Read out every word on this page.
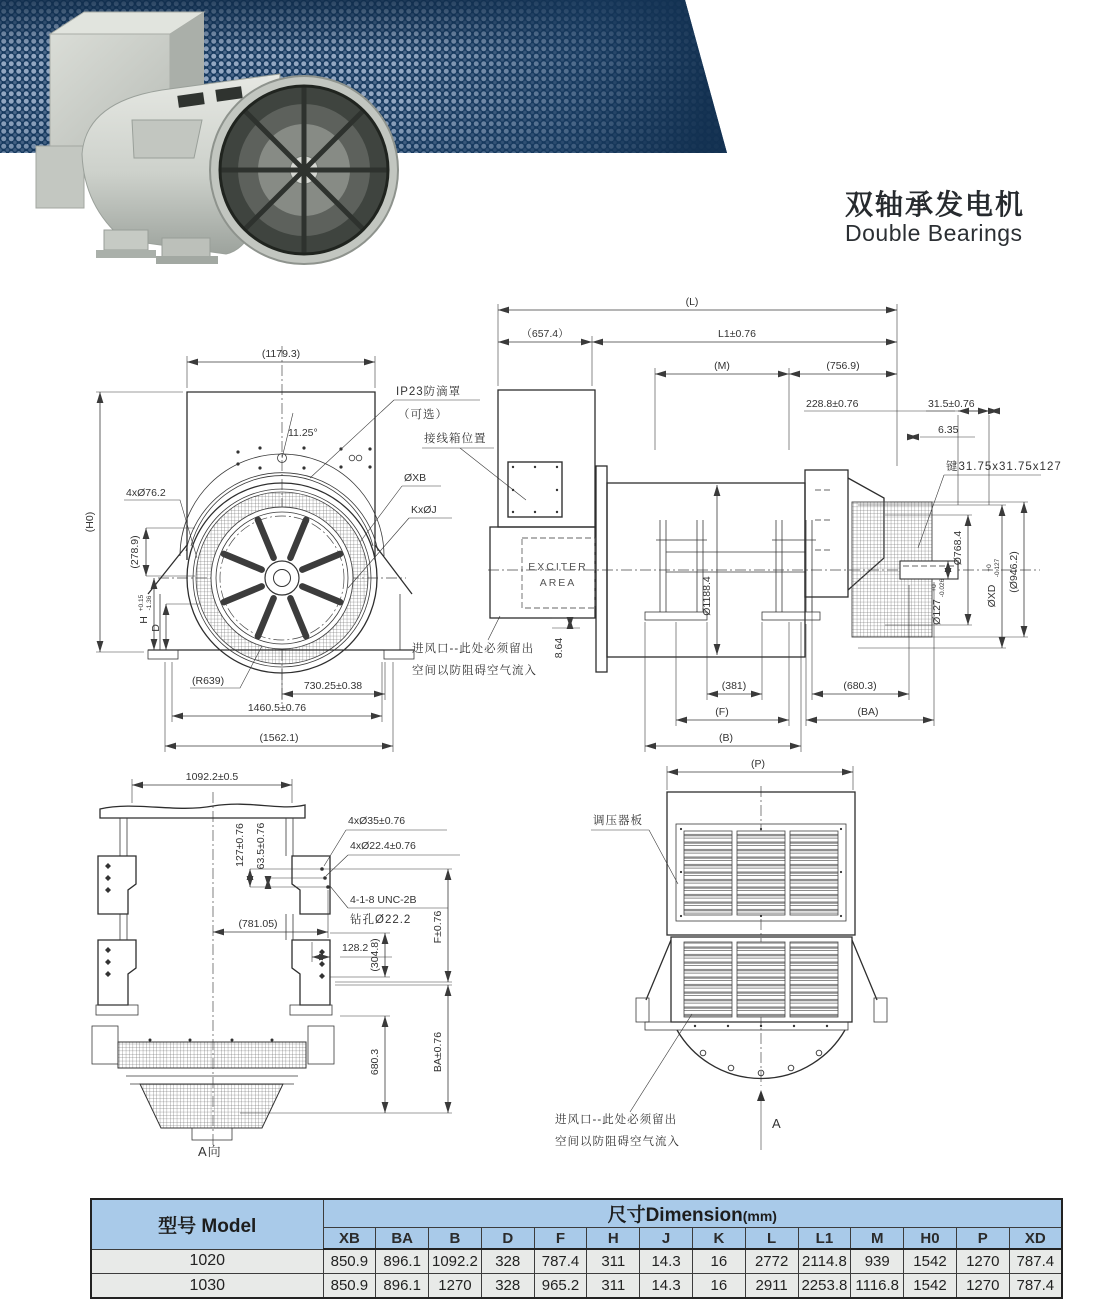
双轴承发电机
Double Bearings
11.25°
(1179.3)
(H0)
4xØ76.2
(278.9)
H
+0.15 -1.36
D
(R639)	730.25±0.38
1460.5±0.76
(1562.1)
IP23防滴罩
（可选）
接线箱位置
ØXB
KxØJ
进风口--此处必须留出
空间以防阻碍空气流入
EXCITER
AREA	Ø1188.4
(L)
（657.4）	L1±0.76
(M)	(756.9)
228.8±0.76	31.5±0.76
6.35
键31.75x31.75x127
Ø127
+0 -0.026
Ø768.4
ØXD
+0 -0.127 (Ø946.2)
8.64
(381)	(680.3)
(F)	(BA)
(B)
1092.2±0.5
127±0.76 63.5±0.76
4xØ35±0.76
4xØ22.4±0.76
4-1-8 UNC-2B
钻孔Ø22.2
(781.05)
128.2 (304.8)
F±0.76
680.3	BA±0.76
A向
(P)
调压器板
进风口--此处必须留出
空间以防阻碍空气流入
A
型号 Model	尺寸Dimension(mm)													
	XB	BA	B	D	F	H	J	K	L	L1	M	H0	P	XD
1020	850.9	896.1	1092.2	328	787.4	311	14.3	16	2772	2114.8	939	1542	1270	787.4
1030	850.9	896.1	1270	328	965.2	311	14.3	16	2911	2253.8	1116.8	1542	1270	787.4
